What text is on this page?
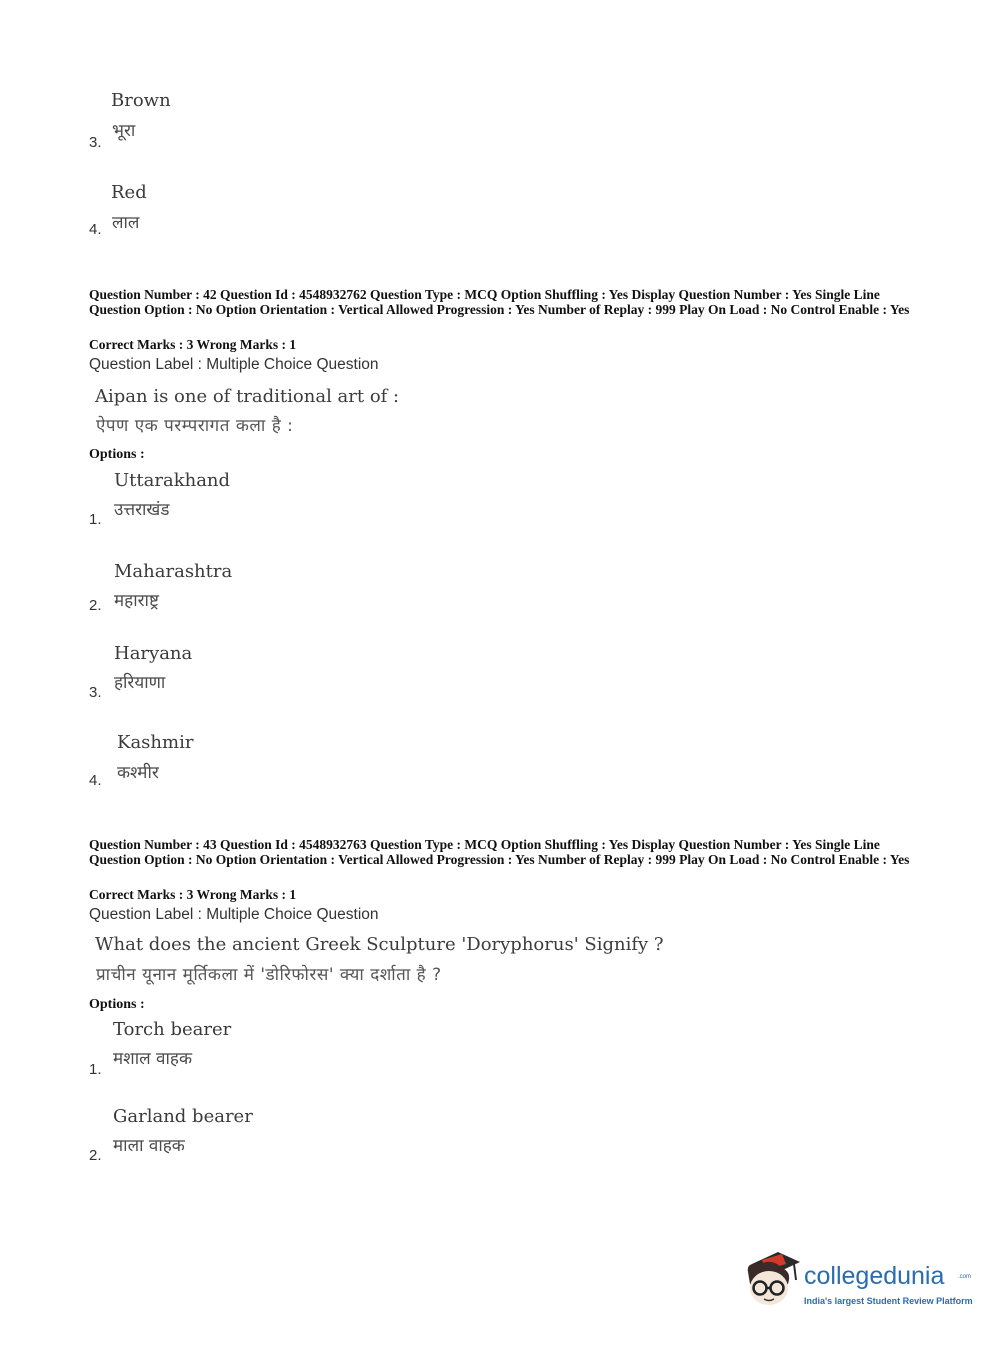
Brown
भूरा
3.
Red
लाल
4.
Question Number : 42 Question Id : 4548932762 Question Type : MCQ Option Shuffling : Yes Display Question Number : Yes Single Line Question Option : No Option Orientation : Vertical Allowed Progression : Yes Number of Replay : 999 Play On Load : No Control Enable : Yes
Correct Marks : 3 Wrong Marks : 1
Question Label : Multiple Choice Question
Aipan is one of traditional art of :
ऐपण एक परम्परागत कला है :
Options :
Uttarakhand
उत्तराखंड
1.
Maharashtra
महाराष्ट्र
2.
Haryana
हरियाणा
3.
Kashmir
कश्मीर
4.
Question Number : 43 Question Id : 4548932763 Question Type : MCQ Option Shuffling : Yes Display Question Number : Yes Single Line Question Option : No Option Orientation : Vertical Allowed Progression : Yes Number of Replay : 999 Play On Load : No Control Enable : Yes
Correct Marks : 3 Wrong Marks : 1
Question Label : Multiple Choice Question
What does the ancient Greek Sculpture 'Doryphorus' Signify ?
प्राचीन यूनान मूर्तिकला में 'डोरिफोरस' क्या दर्शाता है ?
Options :
Torch bearer
मशाल वाहक
1.
Garland bearer
माला वाहक
2.
collegedunia .com
India's largest Student Review Platform
